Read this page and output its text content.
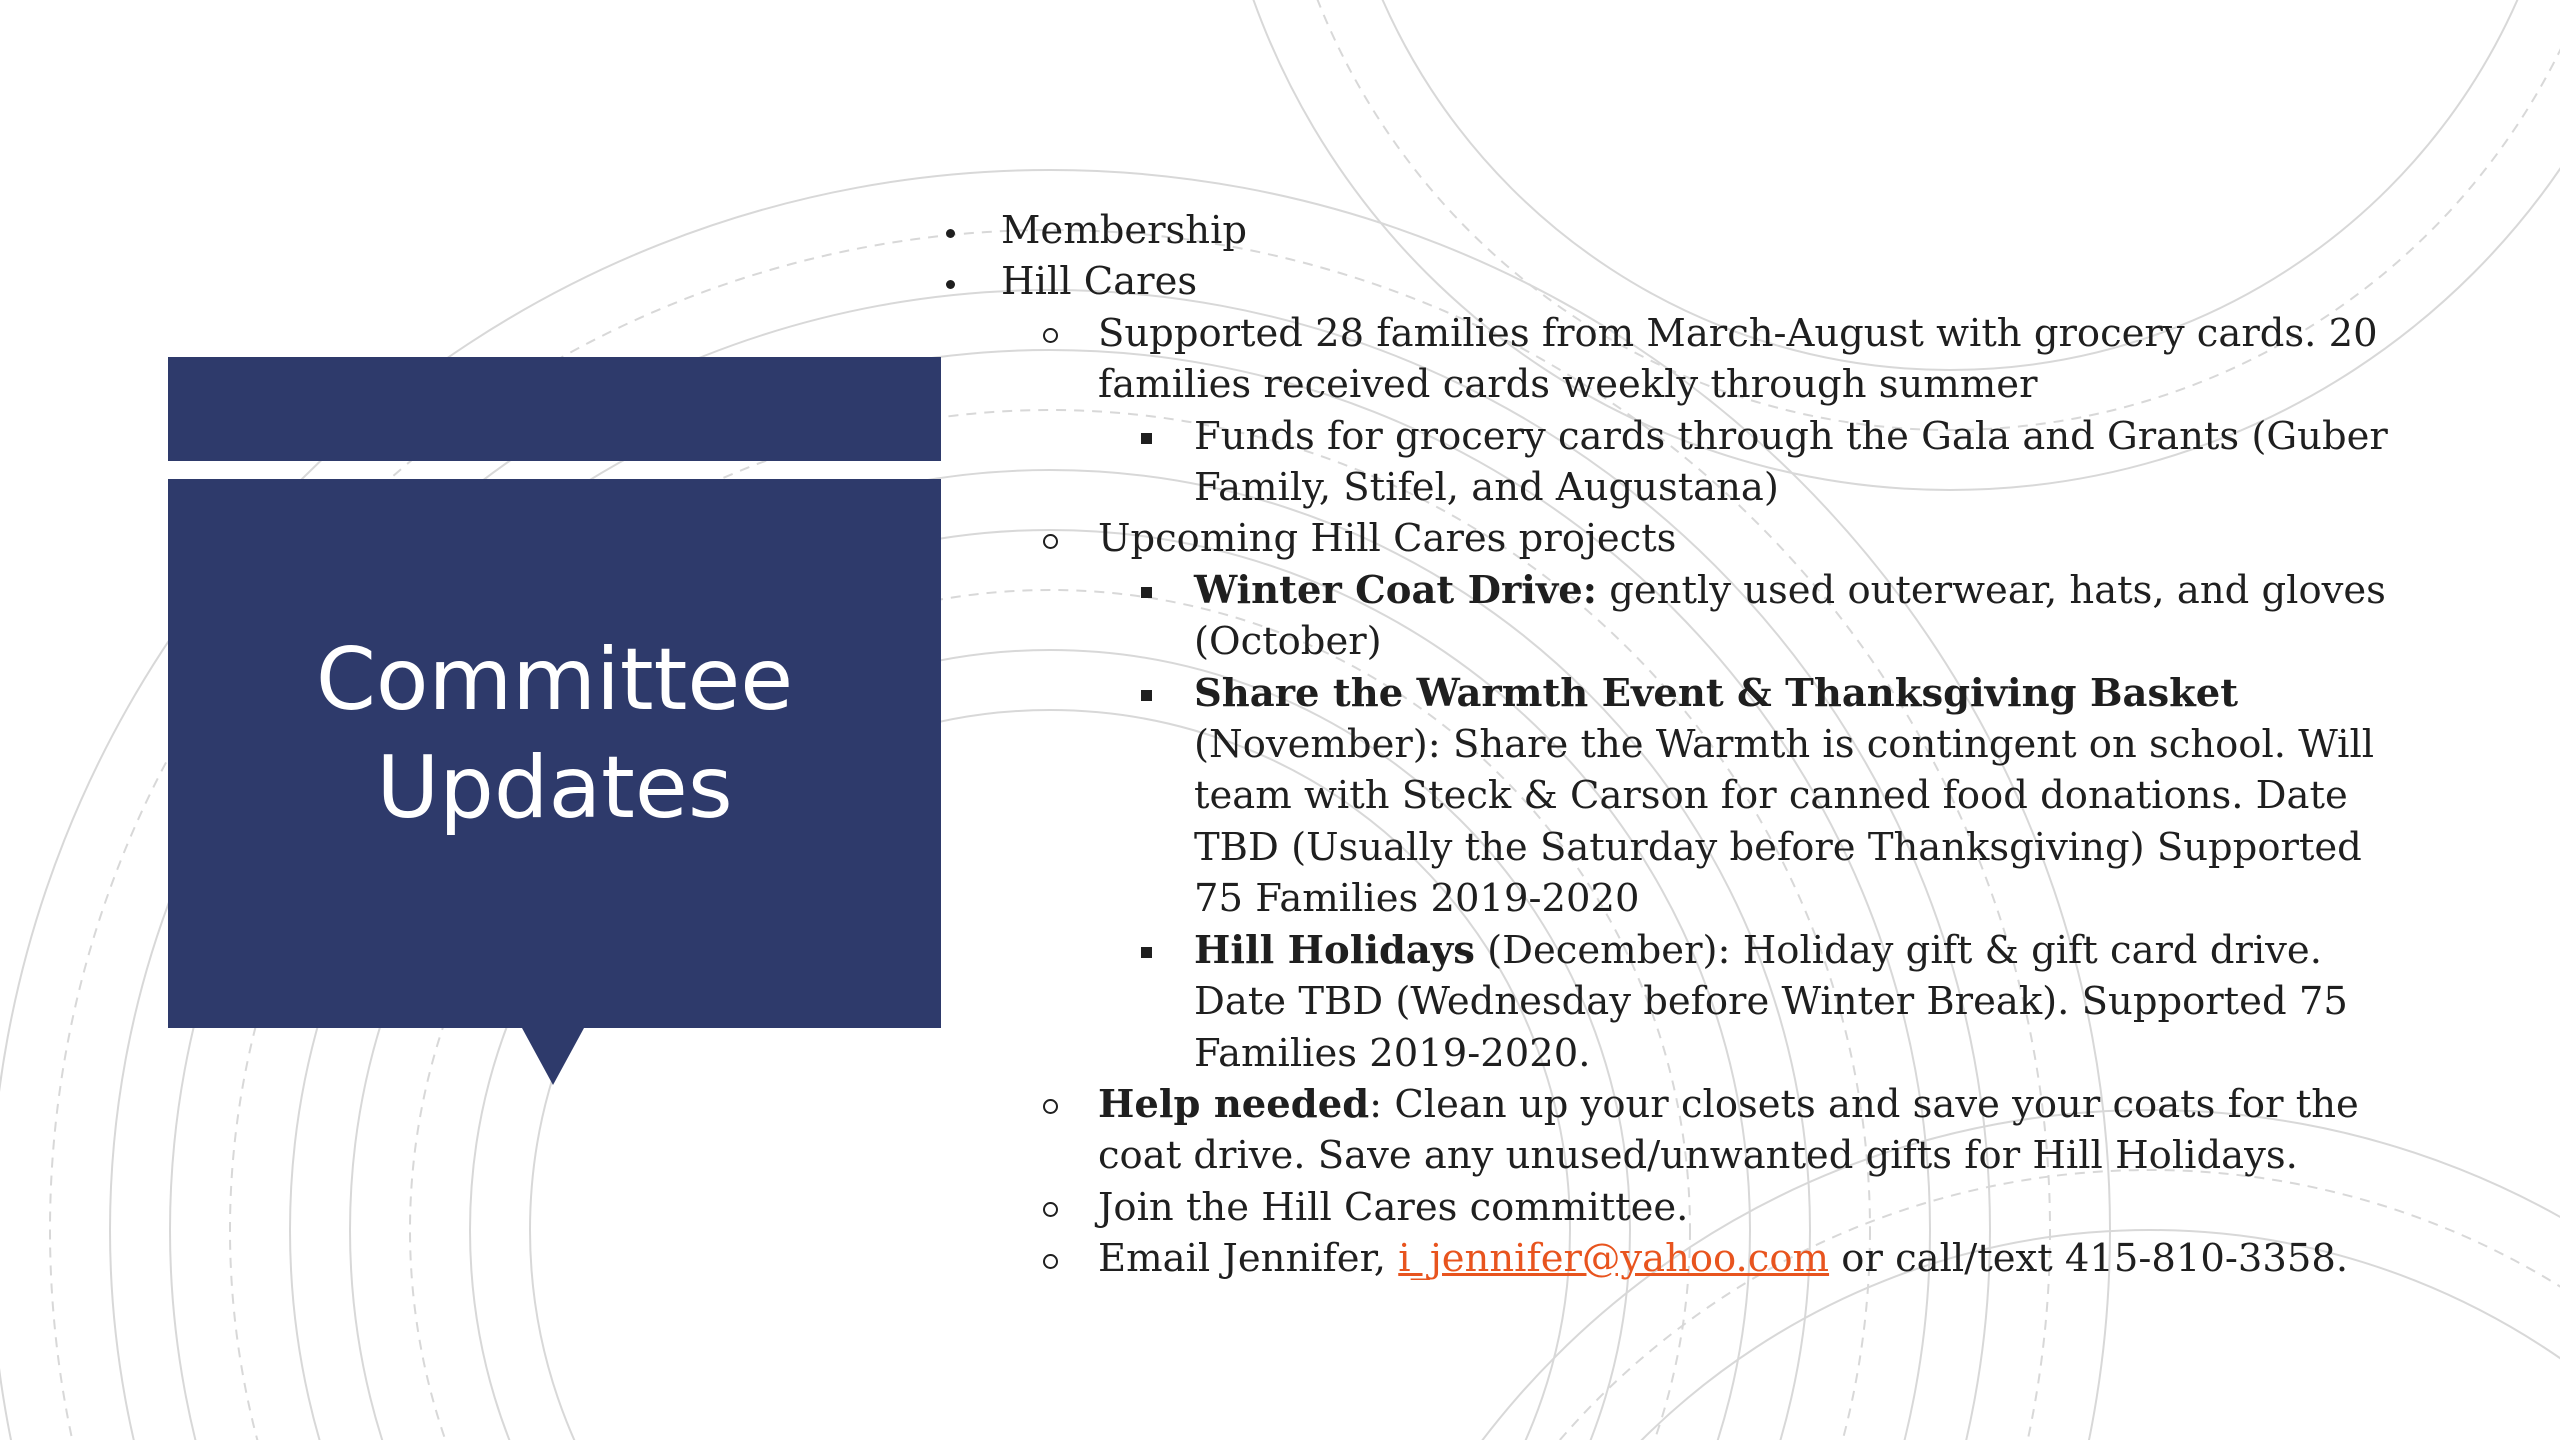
Committee
Updates
Membership
Hill Cares
Supported 28 families from March-August with grocery cards. 20 families received cards weekly through summer
Funds for grocery cards through the Gala and Grants (Guber Family, Stifel, and Augustana)
Upcoming Hill Cares projects
Winter Coat Drive: gently used outerwear, hats, and gloves (October)
Share the Warmth Event & Thanksgiving Basket (November): Share the Warmth is contingent on school. Will team with Steck & Carson for canned food donations. Date TBD (Usually the Saturday before Thanksgiving) Supported 75 Families 2019-2020
Hill Holidays (December): Holiday gift & gift card drive. Date TBD (Wednesday before Winter Break). Supported 75 Families 2019-2020.
Help needed: Clean up your closets and save your coats for the coat drive. Save any unused/unwanted gifts for Hill Holidays.
Join the Hill Cares committee.
Email Jennifer, i_jennifer@yahoo.com or call/text 415-810-3358.
